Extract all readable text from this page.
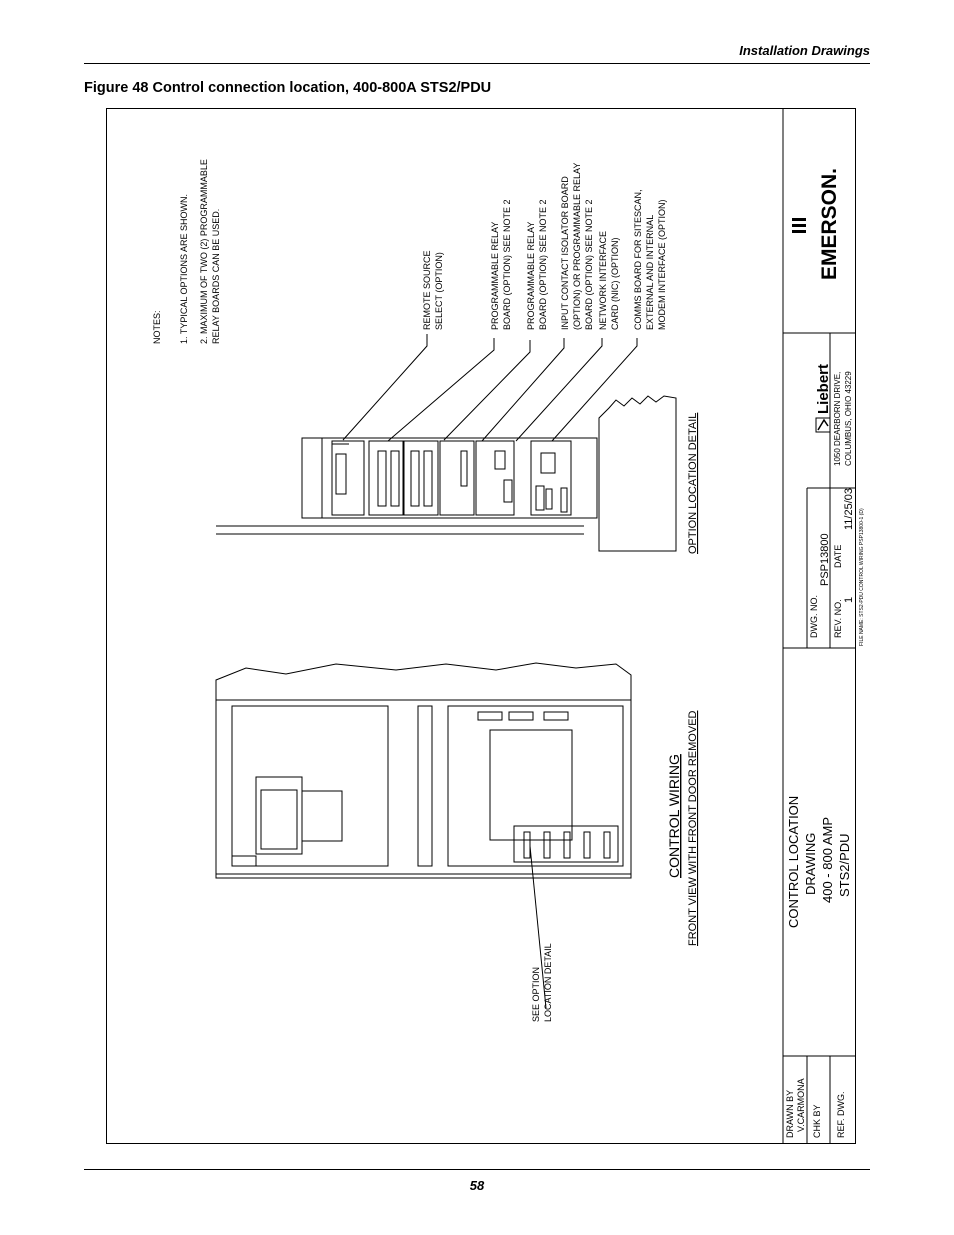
Installation Drawings
Figure 48 Control connection location, 400-800A STS2/PDU
NOTES: 1. TYPICAL OPTIONS ARE SHOWN. 2. MAXIMUM OF TWO (2) PROGRAMMABLE RELAY BOARDS CAN BE USED.	REMOTE SOURCE SELECT (OPTION)	PROGRAMMABLE RELAY BOARD (OPTION) SEE NOTE 2 PROGRAMMABLE RELAY BOARD (OPTION) SEE NOTE 2 INPUT CONTACT ISOLATOR BOARD (OPTION) OR PROGRAMMABLE RELAY BOARD (OPTION) SEE NOTE 2 NETWORK INTERFACE CARD (NIC) (OPTION) COMMS BOARD FOR SITESCAN, EXTERNAL AND INTERNAL MODEM INTERFACE (OPTION)
SEE OPTION LOCATION DETAIL
OPTION LOCATION DETAIL
CONTROL WIRING FRONT VIEW WITH FRONT DOOR REMOVED
EMERSON.
Liebert 1050 DEARBORN DRIVE, COLUMBUS, OHIO 43229
DWG. NO.
PSP13800
REV. NO. 1
DATE
11/25/03 FILE NAME: STS2-PDU CONTROL WIRING PSP13800-1 (D)
CONTROL LOCATION DRAWING 400 - 800 AMP STS2/PDU
DRAWN BY V.CARMONA CHK BY REF. DWG.
58
